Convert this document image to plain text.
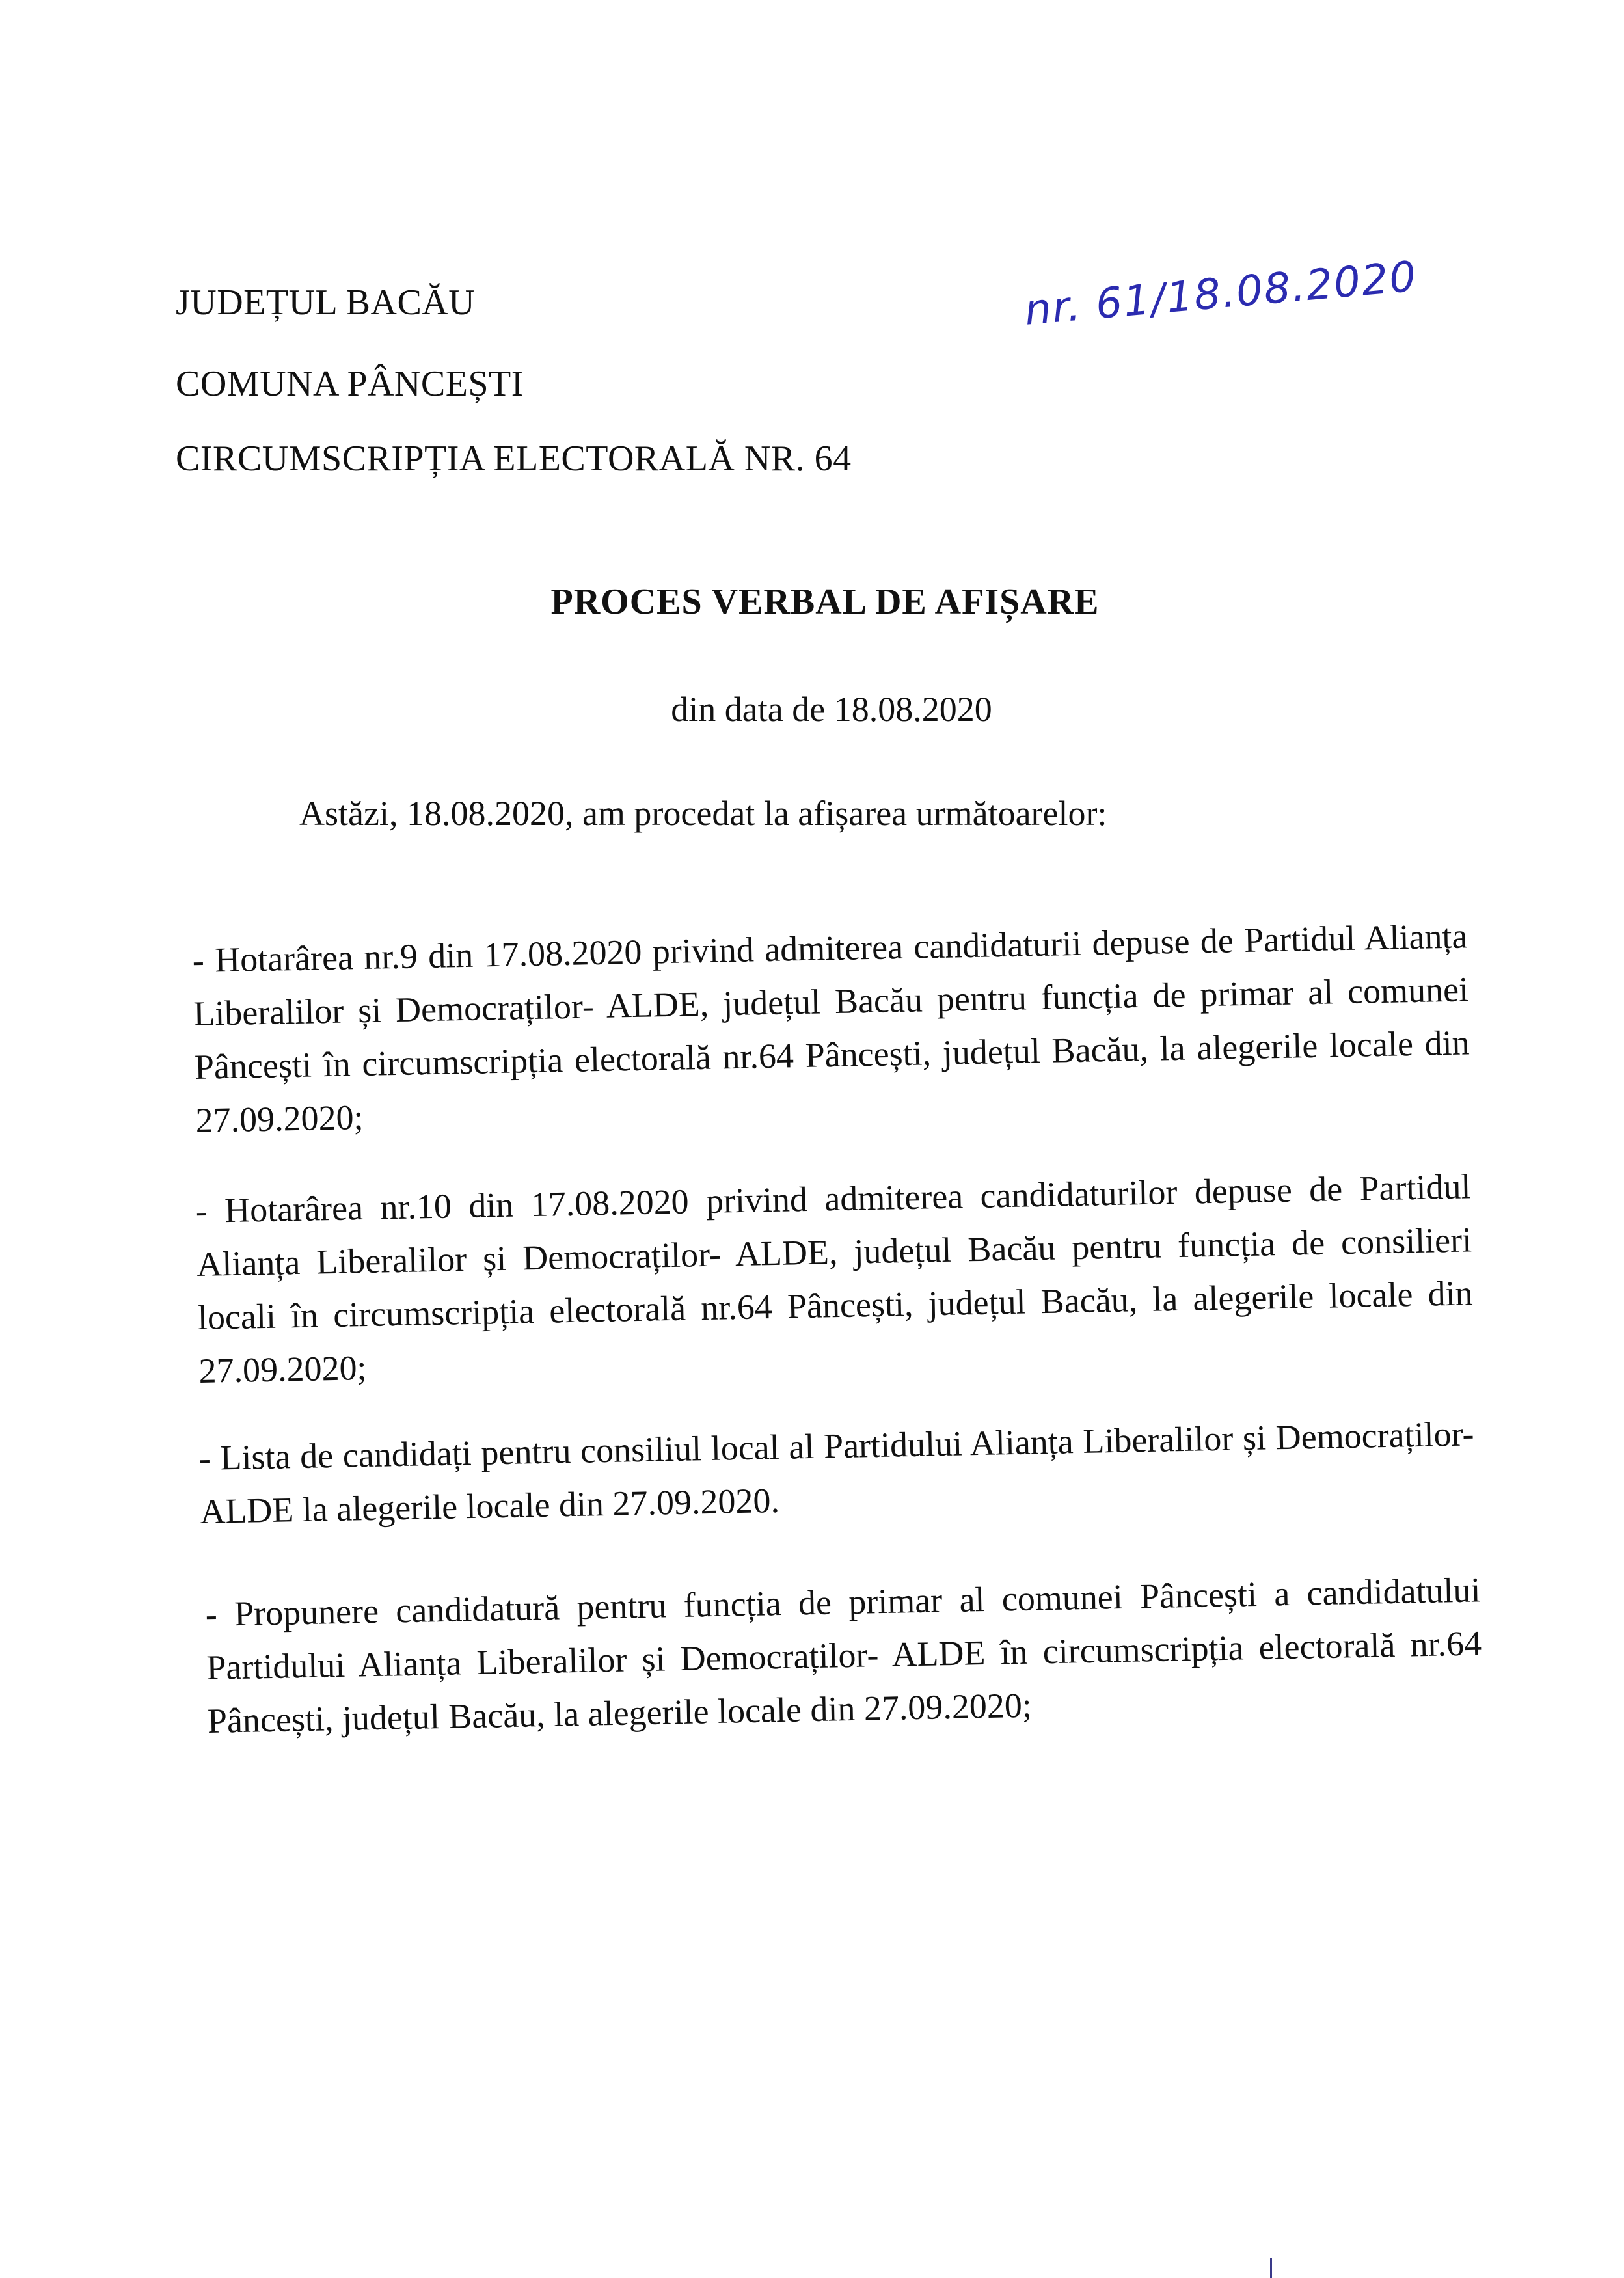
JUDEȚUL BACĂU
COMUNA PÂNCEȘTI
CIRCUMSCRIPȚIA ELECTORALĂ NR. 64
nr. 61/18.08.2020
PROCES VERBAL DE AFIȘARE
din data de 18.08.2020
Astăzi, 18.08.2020, am procedat la afișarea următoarelor:
- Hotarârea nr.9 din 17.08.2020 privind admiterea candidaturii depuse de Partidul Alianța Liberalilor și Democraților- ALDE, județul Bacău pentru funcția de primar al comunei Pâncești în circumscripția electorală nr.64 Pâncești, județul Bacău, la alegerile locale din 27.09.2020;
- Hotarârea nr.10 din 17.08.2020 privind admiterea candidaturilor depuse de Partidul Alianța Liberalilor și Democraților- ALDE, județul Bacău pentru funcția de consilieri locali în circumscripția electorală nr.64 Pâncești, județul Bacău, la alegerile locale din 27.09.2020;
- Lista de candidați pentru consiliul local al Partidului Alianța Liberalilor și Democraților- ALDE la alegerile locale din 27.09.2020.
- Propunere candidatură pentru funcția de primar al comunei Pâncești a candidatului Partidului Alianța Liberalilor și Democraților- ALDE în circumscripția electorală nr.64 Pâncești, județul Bacău, la alegerile locale din 27.09.2020;
